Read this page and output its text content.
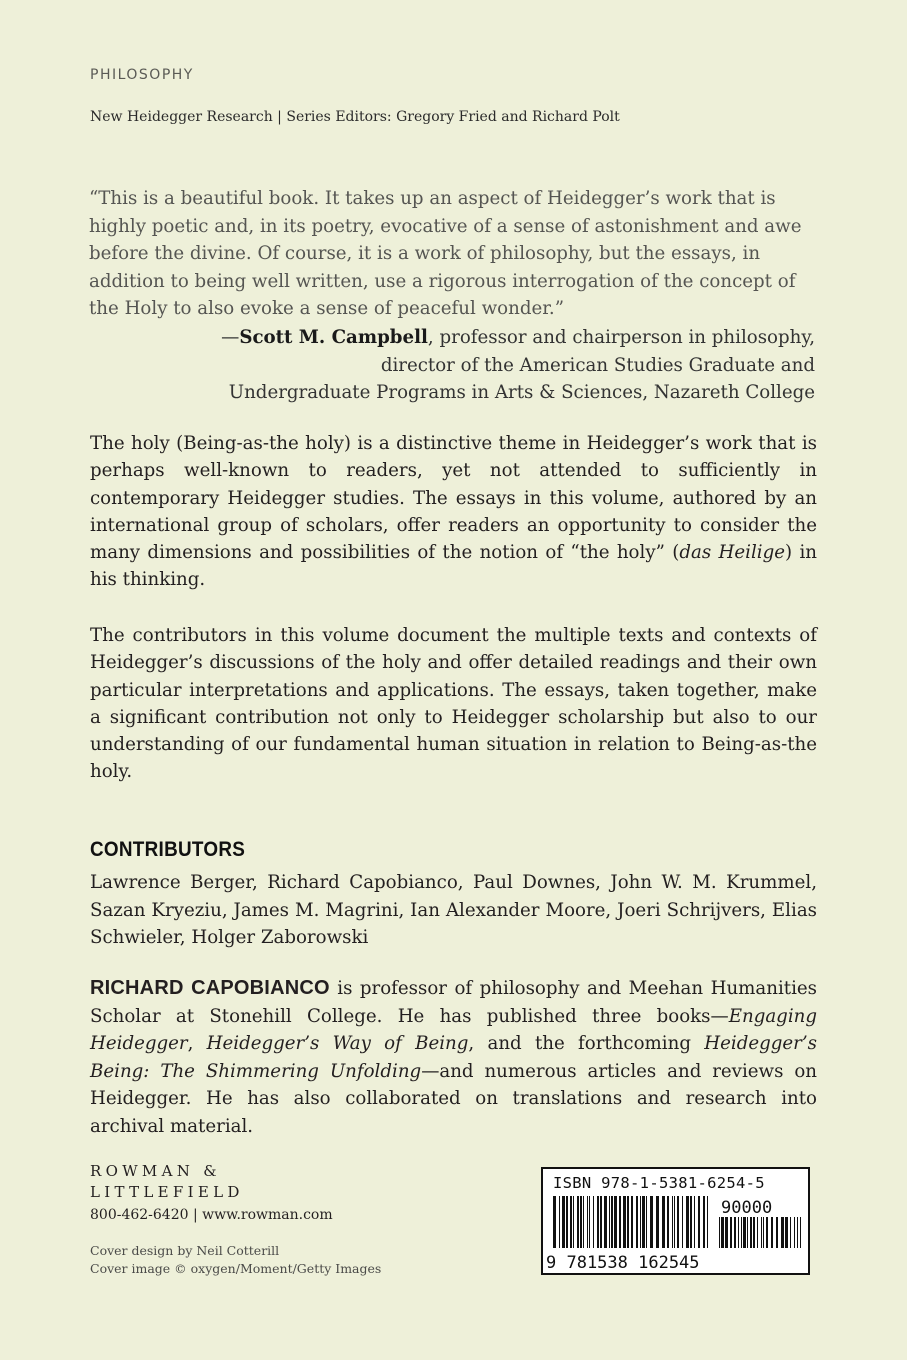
PHILOSOPHY
New Heidegger Research | Series Editors: Gregory Fried and Richard Polt

“This is a beautiful book. It takes up an aspect of Heidegger’s work that is highly poetic and, in its poetry, evocative of a sense of astonishment and awe before the divine. Of course, it is a work of philosophy, but the essays, in addition to being well written, use a rigorous interrogation of the concept of the Holy to also evoke a sense of peaceful wonder.”

—Scott M. Campbell, professor and chairperson in philosophy,
director of the American Studies Graduate and
Undergraduate Programs in Arts & Sciences, Nazareth College

The holy (Being-as-the holy) is a distinctive theme in Heidegger’s work that is perhaps well-known to readers, yet not attended to sufficiently in contemporary Heidegger studies. The essays in this volume, authored by an international group of scholars, offer readers an opportunity to consider the many dimensions and possibilities of the notion of “the holy” (das Heilige) in his thinking.

The contributors in this volume document the multiple texts and contexts of Heidegger’s discussions of the holy and offer detailed readings and their own particular interpretations and applications. The essays, taken together, make a significant contribution not only to Heidegger scholarship but also to our understanding of our fundamental human situation in relation to Being-as-the holy.

CONTRIBUTORS

Lawrence Berger, Richard Capobianco, Paul Downes, John W. M. Krummel, Sazan Kryeziu, James M. Magrini, Ian Alexander Moore, Joeri Schrijvers, Elias Schwieler, Holger Zaborowski

RICHARD CAPOBIANCO is professor of philosophy and Meehan Humanities Scholar at Stonehill College. He has published three books—Engaging Heidegger, Heidegger’s Way of Being, and the forthcoming Heidegger’s Being: The Shimmering Unfolding—and numerous articles and reviews on Heidegger. He has also collaborated on translations and research into archival material.

ROWMAN &
LITTLEFIELD
800-462-6420 | www.rowman.com
Cover design by Neil Cotterill
Cover image © oxygen/Moment/Getty Images
ISBN 978-1-5381-6254-5
9 781538 162545
90000
